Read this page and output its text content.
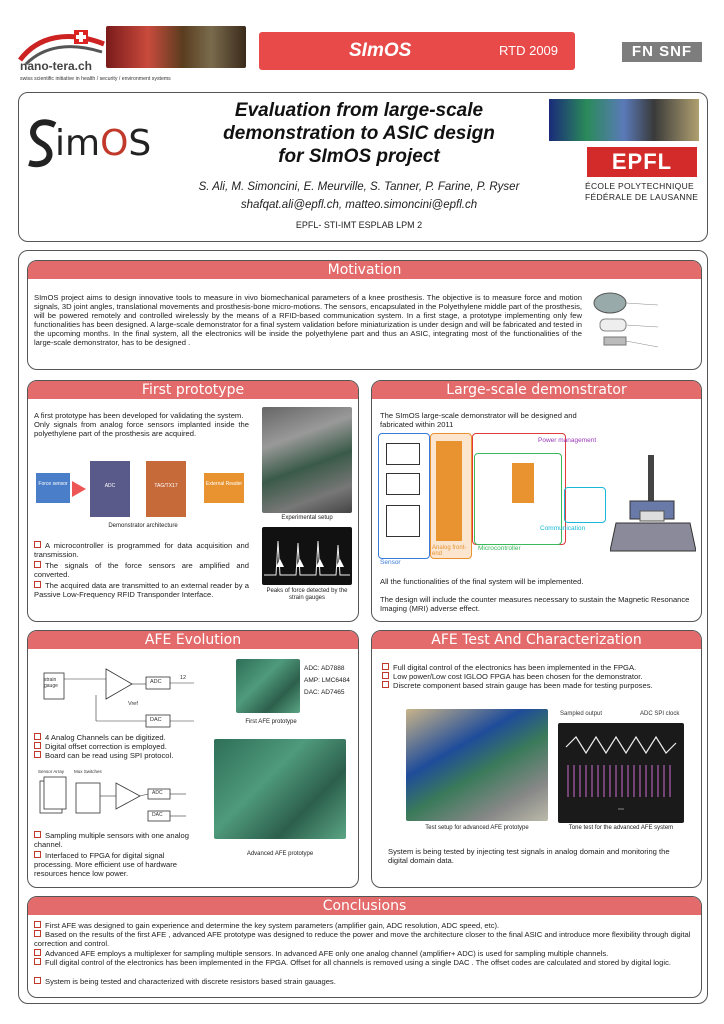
nano-tera.ch
swiss scientific initiative in health / security / environment systems
SImOS	RTD 2009	FN SNF
imOS
Evaluation from large-scale
demonstration to ASIC design
for SImOS project
S. Ali, M. Simoncini, E. Meurville, S. Tanner, P. Farine, P. Ryser
shafqat.ali@epfl.ch, matteo.simoncini@epfl.ch
EPFL- STI-IMT ESPLAB LPM 2
EPFL
ÉCOLE POLYTECHNIQUE
FÉDÉRALE DE LAUSANNE
Motivation
SImOS project aims to design innovative tools to measure in vivo biomechanical parameters of a knee prosthesis. The objective is to measure force and motion signals, 3D joint angles, translational movements and prosthesis-bone micro-motions. The sensors, encapsulated in the Polyethylene middle part of the prosthesis, will be powered remotely and controlled wirelessly by the means of a RFID-based communication system. In a first stage, a prototype implementing only few functionalities has been designed. A large-scale demonstrator for a final system validation before miniaturization is under design and will be fabricated and tested in the upcoming months. In the final system, all the electronics will be inside the polyethylene part and thus an ASIC, integrating most of the functionalities of the large-scale demonstrator, has to be designed .
First prototype
A first prototype has been developed for validating the system.
Only signals from analog force sensors implanted inside the polyethylene part of the prosthesis are acquired.
Force sensor	ADC	TAG/TX17	External Reader
Demonstrator architecture
Experimental setup
Peaks of force detected by the strain gauges
A microcontroller is programmed for data acquisition and transmission.
The signals of the force sensors are amplified and converted.
The acquired data are transmitted to an external reader by a Passive Low-Frequency RFID Transponder Interface.
Large-scale demonstrator
The SImOS large-scale demonstrator will be designed and fabricated within 2011
Sensor
Analog front-end
Microcontroller
Power management
Communication
All the functionalities of the final system will be implemented.
The design will include the counter measures necessary to sustain the Magnetic Resonance Imaging (MRI) adverse effect.
AFE Evolution
strain gauge
ADC
DAC
Vref
12
ADC: AD7888
AMP: LMC6484
DAC: AD7465
First AFE prototype
4 Analog Channels can be digitized.
Digital offset correction is employed.
Board can be read using SPI protocol.
Sensor Array Mux Switches
ADC
DAC
Sampling multiple sensors with one analog channel.
Interfaced to FPGA for digital signal processing. More efficient use of hardware resources hence low power.
Advanced AFE prototype
AFE Test And Characterization
Full digital control of the electronics has been implemented in the FPGA.
Low power/Low cost IGLOO FPGA has been chosen for the demonstrator.
Discrete component based strain gauge has been made for testing purposes.
Test setup for advanced AFE prototype
Sampled output	ADC SPI clock
Tone test for the advanced AFE system
System is being tested by injecting test signals in analog domain and monitoring the digital domain data.
Conclusions
First AFE was designed to gain experience and determine the key system parameters (amplifier gain, ADC resolution, ADC speed, etc).
Based on the results of the first AFE , advanced AFE prototype was designed to reduce the power and move the architecture closer to the final ASIC and introduce more flexibility through digital correction and control.
Advanced AFE employs a multiplexer for sampling multiple sensors. In advanced AFE only one analog channel (amplifier+ ADC) is used for sampling multiple channels.
Full digital control of the electronics has been implemented in the FPGA. Offset for all channels is removed using a single DAC . The offset codes are calculated and stored by digital logic.
System is being tested and characterized with discrete resistors based strain gauages.
